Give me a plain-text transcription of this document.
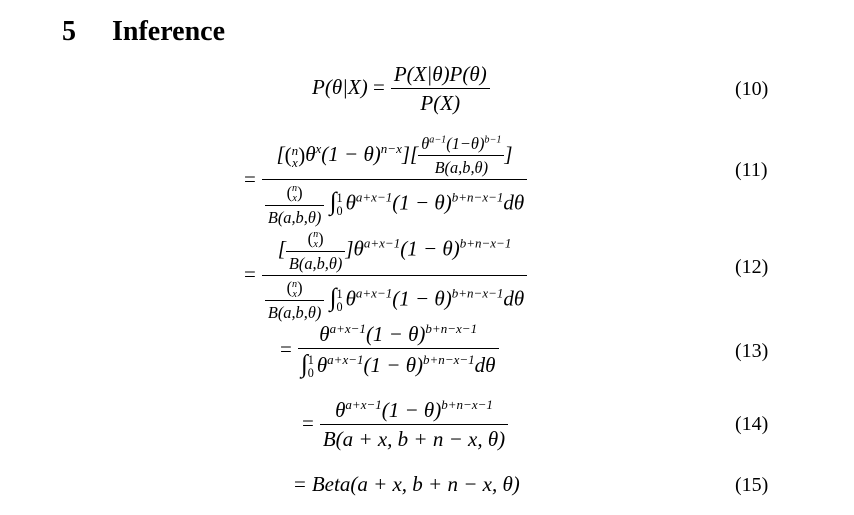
5 Inference
$P(\theta|X) = \frac{P(X|\theta)P(\theta)}{P(X)}$	(10)
= [( n
x )$\theta^x(1 - \theta)^{n-x}][ \frac{\theta^{a-1}(1-\theta)^{b-1}}{B(a,b,\theta)}$ ]
( n
x )
B(a,b,θ) ∫ 1
0 $\theta^{a+x-1}(1 - \theta)^{b+n-x-1}d\theta$	(11)
= [ ( n
x )
B(a,b,θ) ]$\theta^{a+x-1}(1 - \theta)^{b+n-x-1}$
( n
x )
B(a,b,θ) ∫ 1
0 $\theta^{a+x-1}(1 - \theta)^{b+n-x-1}d\theta$	(12)
= $\theta^{a+x-1}(1 - \theta)^{b+n-x-1}$
∫ 1
0 $\theta^{a+x-1}(1 - \theta)^{b+n-x-1}d\theta$	(13)
= $\frac{\theta^{a+x-1}(1 - \theta)^{b+n-x-1}}{B(a + x, b + n - x, \theta)}$	(14)
= Beta(a + x, b + n − x, θ)	(15)
